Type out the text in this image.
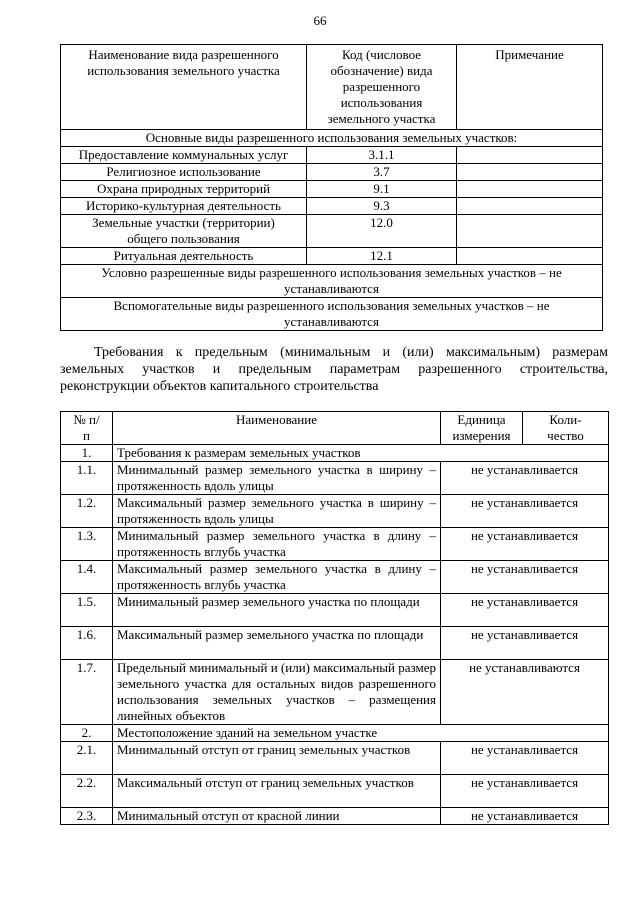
66
Наименование вида разрешенного использования земельного участка	Код (числовое обозначение) вида разрешенного использования земельного участка	Примечание
Основные виды разрешенного использования земельных участков:		
Предоставление коммунальных услуг	3.1.1	
Религиозное использование	3.7	
Охрана природных территорий	9.1	
Историко-культурная деятельность	9.3	
Земельные участки (территории) общего пользования	12.0	
Ритуальная деятельность	12.1	
Условно разрешенные виды разрешенного использования земельных участков – не устанавливаются		
Вспомогательные виды разрешенного использования земельных участков – не устанавливаются		
Требования к предельным (минимальным и (или) максимальным) размерам земельных участков и предельным параметрам разрешенного строительства, реконструкции объектов капитального строительства
№ п/п	Наименование	Единица измерения	Коли-чество
1.	Требования к размерам земельных участков		
1.1.	Минимальный размер земельного участка в ширину – протяженность вдоль улицы	не устанавливается	
1.2.	Максимальный размер земельного участка в ширину – протяженность вдоль улицы	не устанавливается	
1.3.	Минимальный размер земельного участка в длину – протяженность вглубь участка	не устанавливается	
1.4.	Максимальный размер земельного участка в длину – протяженность вглубь участка	не устанавливается	
1.5.	Минимальный размер земельного участка по площади	не устанавливается	
1.6.	Максимальный размер земельного участка по площади	не устанавливается	
1.7.	Предельный минимальный и (или) максимальный размер земельного участка для остальных видов разрешенного использования земельных участков – размещения линейных объектов	не устанавливаются	
2.	Местоположение зданий на земельном участке		
2.1.	Минимальный отступ от границ земельных участков	не устанавливается	
2.2.	Максимальный отступ от границ земельных участков	не устанавливается	
2.3.	Минимальный отступ от красной линии	не устанавливается	
